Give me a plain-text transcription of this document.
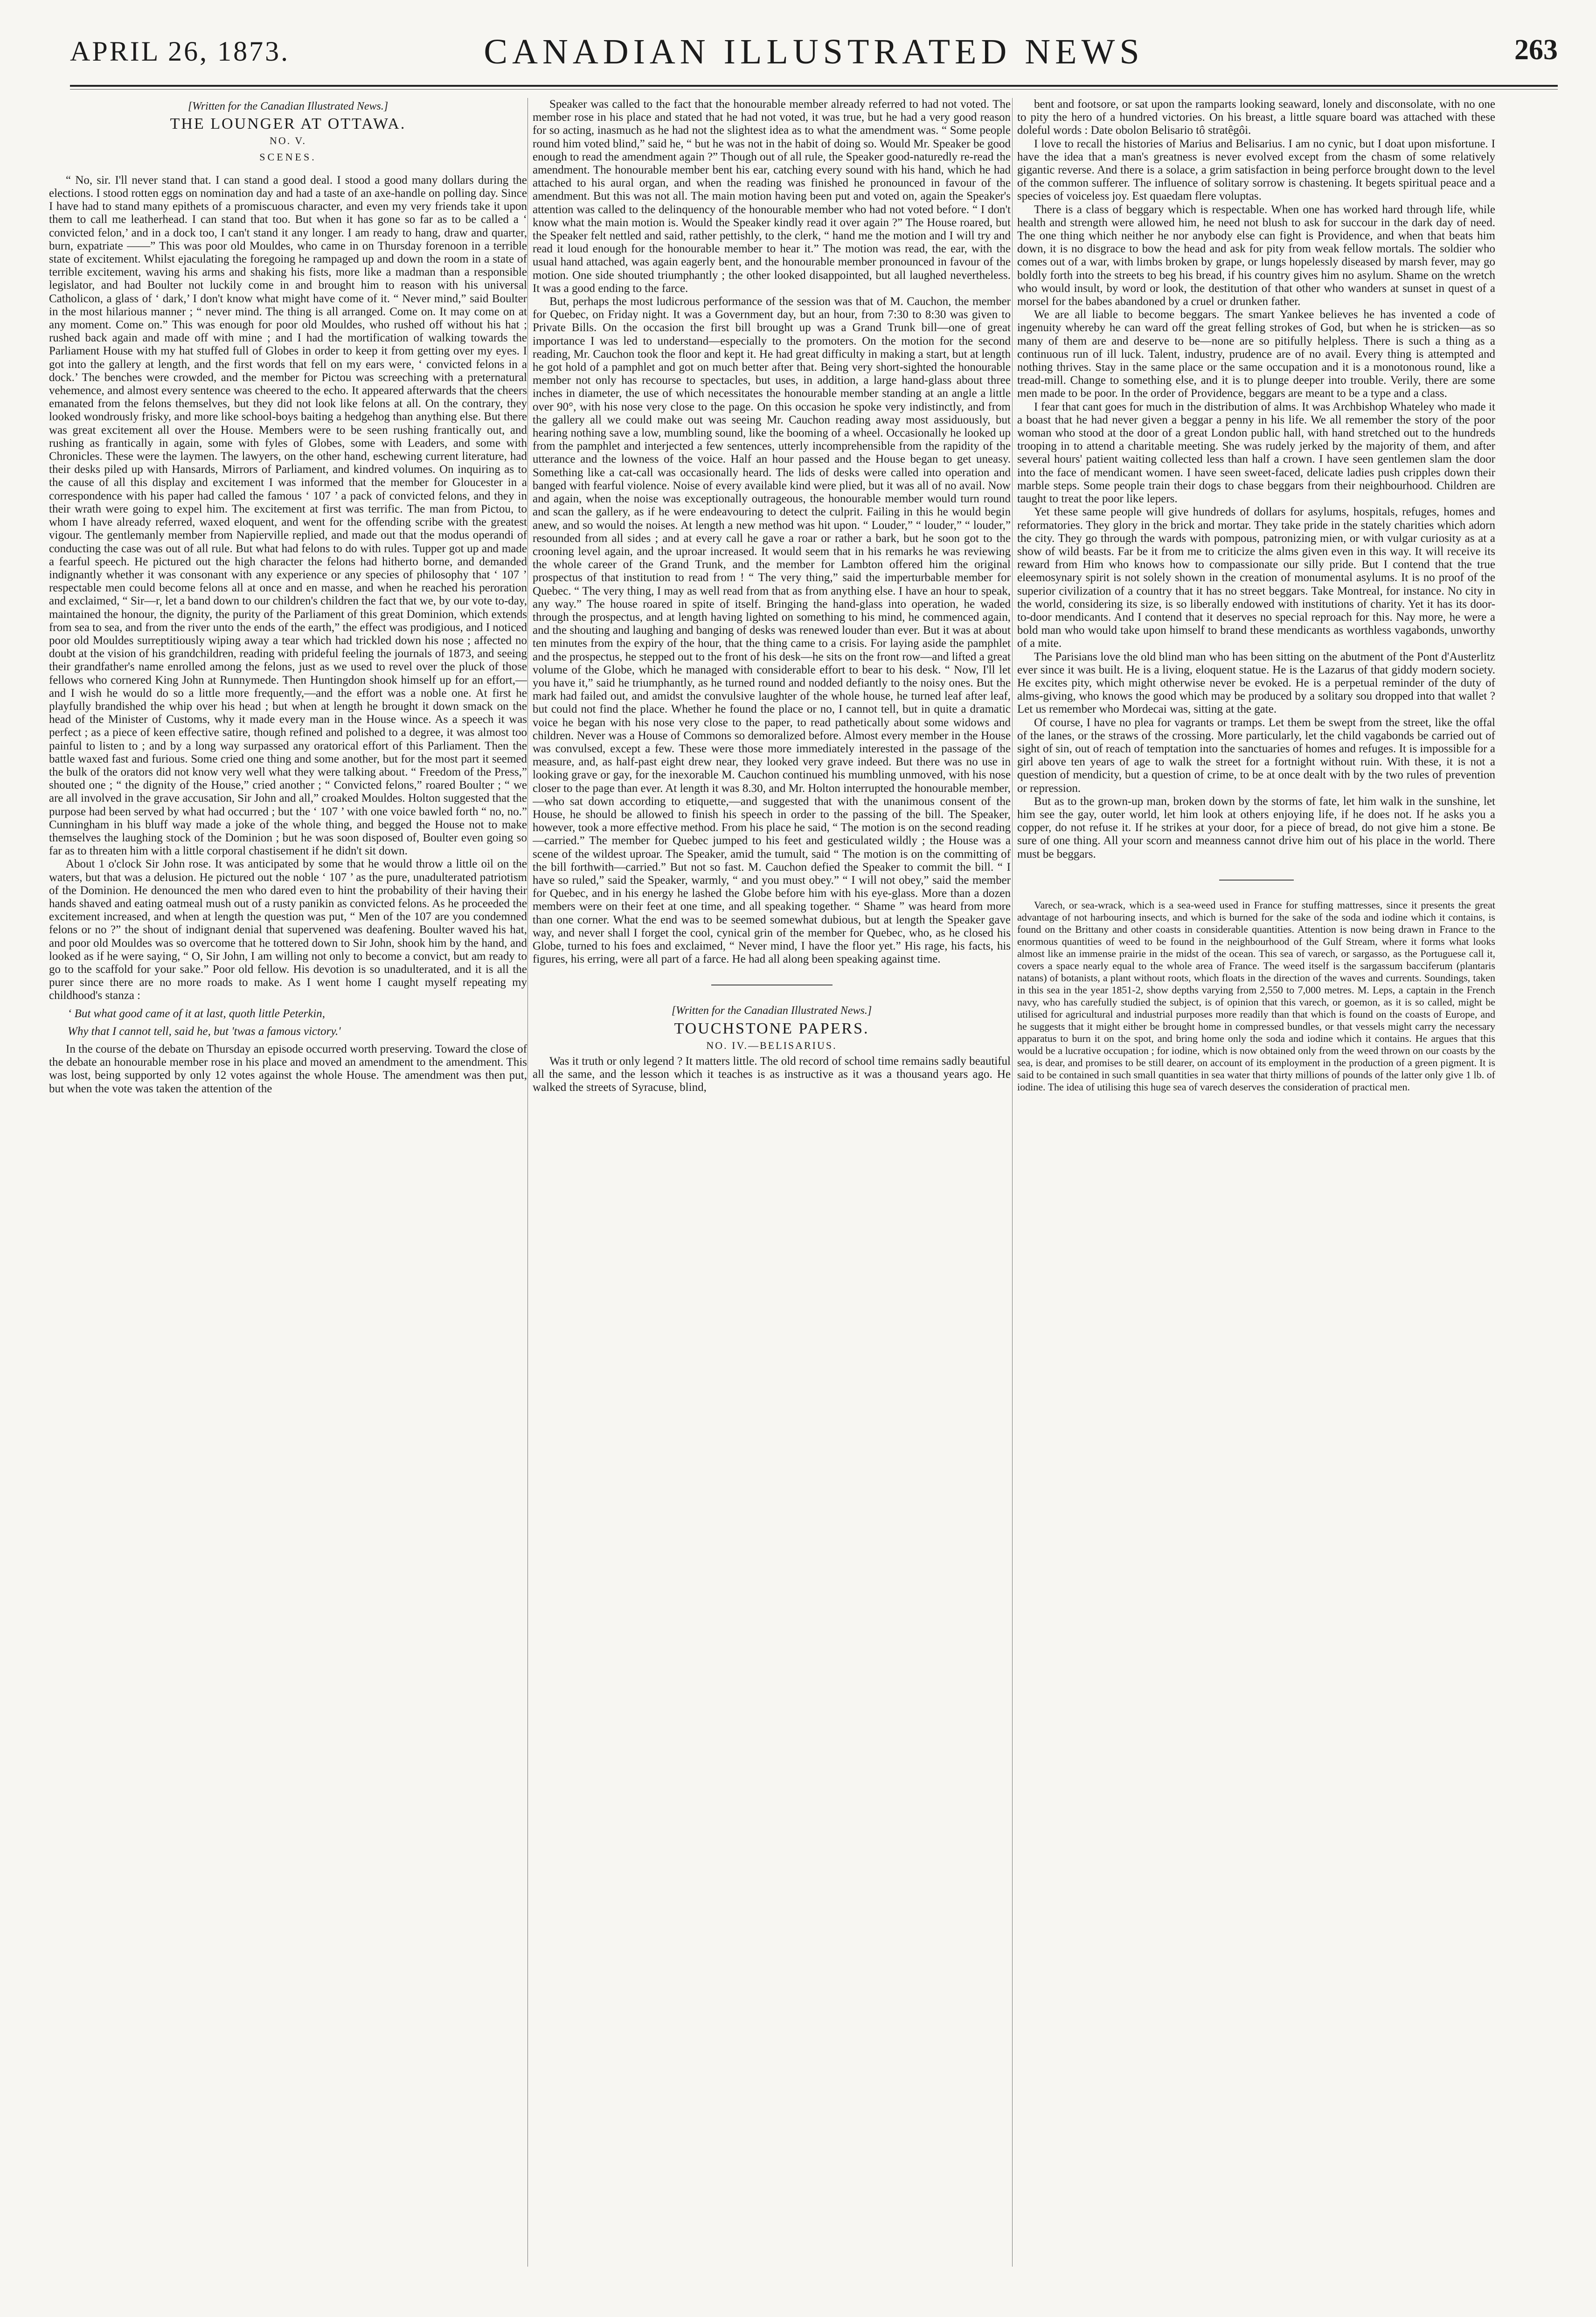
APRIL 26, 1873.	CANADIAN ILLUSTRATED NEWS	263
[Written for the Canadian Illustrated News.]
THE LOUNGER AT OTTAWA.
NO. V.
SCENES.

“ No, sir. I'll never stand that. I can stand a good deal. I stood a good many dollars during the elections. I stood rotten eggs on nomination day and had a taste of an axe-handle on polling day. Since I have had to stand many epithets of a promiscuous character, and even my very friends take it upon them to call me leatherhead. I can stand that too. But when it has gone so far as to be called a ‘ convicted felon,’ and in a dock too, I can't stand it any longer. I am ready to hang, draw and quarter, burn, expatriate ——” This was poor old Mouldes, who came in on Thursday forenoon in a terrible state of excitement. Whilst ejaculating the foregoing he rampaged up and down the room in a state of terrible excitement, waving his arms and shaking his fists, more like a madman than a responsible legislator, and had Boulter not luckily come in and brought him to reason with his universal Catholicon, a glass of ‘ dark,’ I don't know what might have come of it. “ Never mind,” said Boulter in the most hilarious manner ; “ never mind. The thing is all arranged. Come on. It may come on at any moment. Come on.” This was enough for poor old Mouldes, who rushed off without his hat ; rushed back again and made off with mine ; and I had the mortification of walking towards the Parliament House with my hat stuffed full of Globes in order to keep it from getting over my eyes. I got into the gallery at length, and the first words that fell on my ears were, ‘ convicted felons in a dock.’ The benches were crowded, and the member for Pictou was screeching with a preternatural vehemence, and almost every sentence was cheered to the echo. It appeared afterwards that the cheers emanated from the felons themselves, but they did not look like felons at all. On the contrary, they looked wondrously frisky, and more like school-boys baiting a hedgehog than anything else. But there was great excitement all over the House. Members were to be seen rushing frantically out, and rushing as frantically in again, some with fyles of Globes, some with Leaders, and some with Chronicles. These were the laymen. The lawyers, on the other hand, eschewing current literature, had their desks piled up with Hansards, Mirrors of Parliament, and kindred volumes. On inquiring as to the cause of all this display and excitement I was informed that the member for Gloucester in a correspondence with his paper had called the famous ‘ 107 ’ a pack of convicted felons, and they in their wrath were going to expel him. The excitement at first was terrific. The man from Pictou, to whom I have already referred, waxed eloquent, and went for the offending scribe with the greatest vigour. The gentlemanly member from Napierville replied, and made out that the modus operandi of conducting the case was out of all rule. But what had felons to do with rules. Tupper got up and made a fearful speech. He pictured out the high character the felons had hitherto borne, and demanded indignantly whether it was consonant with any experience or any species of philosophy that ‘ 107 ’ respectable men could become felons all at once and en masse, and when he reached his peroration and exclaimed, “ Sir—r, let a band down to our children's children the fact that we, by our vote to-day, maintained the honour, the dignity, the purity of the Parliament of this great Dominion, which extends from sea to sea, and from the river unto the ends of the earth,” the effect was prodigious, and I noticed poor old Mouldes surreptitiously wiping away a tear which had trickled down his nose ; affected no doubt at the vision of his grandchildren, reading with prideful feeling the journals of 1873, and seeing their grandfather's name enrolled among the felons, just as we used to revel over the pluck of those fellows who cornered King John at Runnymede. Then Huntingdon shook himself up for an effort,—and I wish he would do so a little more frequently,—and the effort was a noble one. At first he playfully brandished the whip over his head ; but when at length he brought it down smack on the head of the Minister of Customs, why it made every man in the House wince. As a speech it was perfect ; as a piece of keen effective satire, though refined and polished to a degree, it was almost too painful to listen to ; and by a long way surpassed any oratorical effort of this Parliament. Then the battle waxed fast and furious. Some cried one thing and some another, but for the most part it seemed the bulk of the orators did not know very well what they were talking about. “ Freedom of the Press,” shouted one ; “ the dignity of the House,” cried another ; “ Convicted felons,” roared Boulter ; “ we are all involved in the grave accusation, Sir John and all,” croaked Mouldes. Holton suggested that the purpose had been served by what had occurred ; but the ‘ 107 ’ with one voice bawled forth “ no, no.” Cunningham in his bluff way made a joke of the whole thing, and begged the House not to make themselves the laughing stock of the Dominion ; but he was soon disposed of, Boulter even going so far as to threaten him with a little corporal chastisement if he didn't sit down.

About 1 o'clock Sir John rose. It was anticipated by some that he would throw a little oil on the waters, but that was a delusion. He pictured out the noble ‘ 107 ’ as the pure, unadulterated patriotism of the Dominion. He denounced the men who dared even to hint the probability of their having their hands shaved and eating oatmeal mush out of a rusty panikin as convicted felons. As he proceeded the excitement increased, and when at length the question was put, “ Men of the 107 are you condemned felons or no ?” the shout of indignant denial that supervened was deafening. Boulter waved his hat, and poor old Mouldes was so overcome that he tottered down to Sir John, shook him by the hand, and looked as if he were saying, “ O, Sir John, I am willing not only to become a convict, but am ready to go to the scaffold for your sake.” Poor old fellow. His devotion is so unadulterated, and it is all the purer since there are no more roads to make. As I went home I caught myself repeating my childhood's stanza :

‘ But what good came of it at last, quoth little Peterkin,

Why that I cannot tell, said he, but 'twas a famous victory.'

In the course of the debate on Thursday an episode occurred worth preserving. Toward the close of the debate an honourable member rose in his place and moved an amendment to the amendment. This was lost, being supported by only 12 votes against the whole House. The amendment was then put, but when the vote was taken the attention of the

Speaker was called to the fact that the honourable member already referred to had not voted. The member rose in his place and stated that he had not voted, it was true, but he had a very good reason for so acting, inasmuch as he had not the slightest idea as to what the amendment was. “ Some people round him voted blind,” said he, “ but he was not in the habit of doing so. Would Mr. Speaker be good enough to read the amendment again ?” Though out of all rule, the Speaker good-naturedly re-read the amendment. The honourable member bent his ear, catching every sound with his hand, which he had attached to his aural organ, and when the reading was finished he pronounced in favour of the amendment. But this was not all. The main motion having been put and voted on, again the Speaker's attention was called to the delinquency of the honourable member who had not voted before. “ I don't know what the main motion is. Would the Speaker kindly read it over again ?” The House roared, but the Speaker felt nettled and said, rather pettishly, to the clerk, “ hand me the motion and I will try and read it loud enough for the honourable member to hear it.” The motion was read, the ear, with the usual hand attached, was again eagerly bent, and the honourable member pronounced in favour of the motion. One side shouted triumphantly ; the other looked disappointed, but all laughed nevertheless. It was a good ending to the farce.

But, perhaps the most ludicrous performance of the session was that of M. Cauchon, the member for Quebec, on Friday night. It was a Government day, but an hour, from 7:30 to 8:30 was given to Private Bills. On the occasion the first bill brought up was a Grand Trunk bill—one of great importance I was led to understand—especially to the promoters. On the motion for the second reading, Mr. Cauchon took the floor and kept it. He had great difficulty in making a start, but at length he got hold of a pamphlet and got on much better after that. Being very short-sighted the honourable member not only has recourse to spectacles, but uses, in addition, a large hand-glass about three inches in diameter, the use of which necessitates the honourable member standing at an angle a little over 90°, with his nose very close to the page. On this occasion he spoke very indistinctly, and from the gallery all we could make out was seeing Mr. Cauchon reading away most assiduously, but hearing nothing save a low, mumbling sound, like the booming of a wheel. Occasionally he looked up from the pamphlet and interjected a few sentences, utterly incomprehensible from the rapidity of the utterance and the lowness of the voice. Half an hour passed and the House began to get uneasy. Something like a cat-call was occasionally heard. The lids of desks were called into operation and banged with fearful violence. Noise of every available kind were plied, but it was all of no avail. Now and again, when the noise was exceptionally outrageous, the honourable member would turn round and scan the gallery, as if he were endeavouring to detect the culprit. Failing in this he would begin anew, and so would the noises. At length a new method was hit upon. “ Louder,” “ louder,” “ louder,” resounded from all sides ; and at every call he gave a roar or rather a bark, but he soon got to the crooning level again, and the uproar increased. It would seem that in his remarks he was reviewing the whole career of the Grand Trunk, and the member for Lambton offered him the original prospectus of that institution to read from ! “ The very thing,” said the imperturbable member for Quebec. “ The very thing, I may as well read from that as from anything else. I have an hour to speak, any way.” The house roared in spite of itself. Bringing the hand-glass into operation, he waded through the prospectus, and at length having lighted on something to his mind, he commenced again, and the shouting and laughing and banging of desks was renewed louder than ever. But it was at about ten minutes from the expiry of the hour, that the thing came to a crisis. For laying aside the pamphlet and the prospectus, he stepped out to the front of his desk—he sits on the front row—and lifted a great volume of the Globe, which he managed with considerable effort to bear to his desk. “ Now, I'll let you have it,” said he triumphantly, as he turned round and nodded defiantly to the noisy ones. But the mark had failed out, and amidst the convulsive laughter of the whole house, he turned leaf after leaf, but could not find the place. Whether he found the place or no, I cannot tell, but in quite a dramatic voice he began with his nose very close to the paper, to read pathetically about some widows and children. Never was a House of Commons so demoralized before. Almost every member in the House was convulsed, except a few. These were those more immediately interested in the passage of the measure, and, as half-past eight drew near, they looked very grave indeed. But there was no use in looking grave or gay, for the inexorable M. Cauchon continued his mumbling unmoved, with his nose closer to the page than ever. At length it was 8.30, and Mr. Holton interrupted the honourable member,—who sat down according to etiquette,—and suggested that with the unanimous consent of the House, he should be allowed to finish his speech in order to the passing of the bill. The Speaker, however, took a more effective method. From his place he said, “ The motion is on the second reading—carried.” The member for Quebec jumped to his feet and gesticulated wildly ; the House was a scene of the wildest uproar. The Speaker, amid the tumult, said “ The motion is on the committing of the bill forthwith—carried.” But not so fast. M. Cauchon defied the Speaker to commit the bill. “ I have so ruled,” said the Speaker, warmly, “ and you must obey.” “ I will not obey,” said the member for Quebec, and in his energy he lashed the Globe before him with his eye-glass. More than a dozen members were on their feet at one time, and all speaking together. “ Shame ” was heard from more than one corner. What the end was to be seemed somewhat dubious, but at length the Speaker gave way, and never shall I forget the cool, cynical grin of the member for Quebec, who, as he closed his Globe, turned to his foes and exclaimed, “ Never mind, I have the floor yet.” His rage, his facts, his figures, his erring, were all part of a farce. He had all along been speaking against time.

[Written for the Canadian Illustrated News.]
TOUCHSTONE PAPERS.
NO. IV.—BELISARIUS.

Was it truth or only legend ? It matters little. The old record of school time remains sadly beautiful all the same, and the lesson which it teaches is as instructive as it was a thousand years ago. He walked the streets of Syracuse, blind,

bent and footsore, or sat upon the ramparts looking seaward, lonely and disconsolate, with no one to pity the hero of a hundred victories. On his breast, a little square board was attached with these doleful words : Date obolon Belisario tô stratêgôi.

I love to recall the histories of Marius and Belisarius. I am no cynic, but I doat upon misfortune. I have the idea that a man's greatness is never evolved except from the chasm of some relatively gigantic reverse. And there is a solace, a grim satisfaction in being perforce brought down to the level of the common sufferer. The influence of solitary sorrow is chastening. It begets spiritual peace and a species of voiceless joy. Est quaedam flere voluptas.

There is a class of beggary which is respectable. When one has worked hard through life, while health and strength were allowed him, he need not blush to ask for succour in the dark day of need. The one thing which neither he nor anybody else can fight is Providence, and when that beats him down, it is no disgrace to bow the head and ask for pity from weak fellow mortals. The soldier who comes out of a war, with limbs broken by grape, or lungs hopelessly diseased by marsh fever, may go boldly forth into the streets to beg his bread, if his country gives him no asylum. Shame on the wretch who would insult, by word or look, the destitution of that other who wanders at sunset in quest of a morsel for the babes abandoned by a cruel or drunken father.

We are all liable to become beggars. The smart Yankee believes he has invented a code of ingenuity whereby he can ward off the great felling strokes of God, but when he is stricken—as so many of them are and deserve to be—none are so pitifully helpless. There is such a thing as a continuous run of ill luck. Talent, industry, prudence are of no avail. Every thing is attempted and nothing thrives. Stay in the same place or the same occupation and it is a monotonous round, like a tread-mill. Change to something else, and it is to plunge deeper into trouble. Verily, there are some men made to be poor. In the order of Providence, beggars are meant to be a type and a class.

I fear that cant goes for much in the distribution of alms. It was Archbishop Whateley who made it a boast that he had never given a beggar a penny in his life. We all remember the story of the poor woman who stood at the door of a great London public hall, with hand stretched out to the hundreds trooping in to attend a charitable meeting. She was rudely jerked by the majority of them, and after several hours' patient waiting collected less than half a crown. I have seen gentlemen slam the door into the face of mendicant women. I have seen sweet-faced, delicate ladies push cripples down their marble steps. Some people train their dogs to chase beggars from their neighbourhood. Children are taught to treat the poor like lepers.

Yet these same people will give hundreds of dollars for asylums, hospitals, refuges, homes and reformatories. They glory in the brick and mortar. They take pride in the stately charities which adorn the city. They go through the wards with pompous, patronizing mien, or with vulgar curiosity as at a show of wild beasts. Far be it from me to criticize the alms given even in this way. It will receive its reward from Him who knows how to compassionate our silly pride. But I contend that the true eleemosynary spirit is not solely shown in the creation of monumental asylums. It is no proof of the superior civilization of a country that it has no street beggars. Take Montreal, for instance. No city in the world, considering its size, is so liberally endowed with institutions of charity. Yet it has its door-to-door mendicants. And I contend that it deserves no special reproach for this. Nay more, he were a bold man who would take upon himself to brand these mendicants as worthless vagabonds, unworthy of a mite.

The Parisians love the old blind man who has been sitting on the abutment of the Pont d'Austerlitz ever since it was built. He is a living, eloquent statue. He is the Lazarus of that giddy modern society. He excites pity, which might otherwise never be evoked. He is a perpetual reminder of the duty of alms-giving, who knows the good which may be produced by a solitary sou dropped into that wallet ? Let us remember who Mordecai was, sitting at the gate.

Of course, I have no plea for vagrants or tramps. Let them be swept from the street, like the offal of the lanes, or the straws of the crossing. More particularly, let the child vagabonds be carried out of sight of sin, out of reach of temptation into the sanctuaries of homes and refuges. It is impossible for a girl above ten years of age to walk the street for a fortnight without ruin. With these, it is not a question of mendicity, but a question of crime, to be at once dealt with by the two rules of prevention or repression.

But as to the grown-up man, broken down by the storms of fate, let him walk in the sunshine, let him see the gay, outer world, let him look at others enjoying life, if he does not. If he asks you a copper, do not refuse it. If he strikes at your door, for a piece of bread, do not give him a stone. Be sure of one thing. All your scorn and meanness cannot drive him out of his place in the world. There must be beggars.

Varech, or sea-wrack, which is a sea-weed used in France for stuffing mattresses, since it presents the great advantage of not harbouring insects, and which is burned for the sake of the soda and iodine which it contains, is found on the Brittany and other coasts in considerable quantities. Attention is now being drawn in France to the enormous quantities of weed to be found in the neighbourhood of the Gulf Stream, where it forms what looks almost like an immense prairie in the midst of the ocean. This sea of varech, or sargasso, as the Portuguese call it, covers a space nearly equal to the whole area of France. The weed itself is the sargassum bacciferum (plantaris natans) of botanists, a plant without roots, which floats in the direction of the waves and currents. Soundings, taken in this sea in the year 1851-2, show depths varying from 2,550 to 7,000 metres. M. Leps, a captain in the French navy, who has carefully studied the subject, is of opinion that this varech, or goemon, as it is so called, might be utilised for agricultural and industrial purposes more readily than that which is found on the coasts of Europe, and he suggests that it might either be brought home in compressed bundles, or that vessels might carry the necessary apparatus to burn it on the spot, and bring home only the soda and iodine which it contains. He argues that this would be a lucrative occupation ; for iodine, which is now obtained only from the weed thrown on our coasts by the sea, is dear, and promises to be still dearer, on account of its employment in the production of a green pigment. It is said to be contained in such small quantities in sea water that thirty millions of pounds of the latter only give 1 lb. of iodine. The idea of utilising this huge sea of varech deserves the consideration of practical men.
